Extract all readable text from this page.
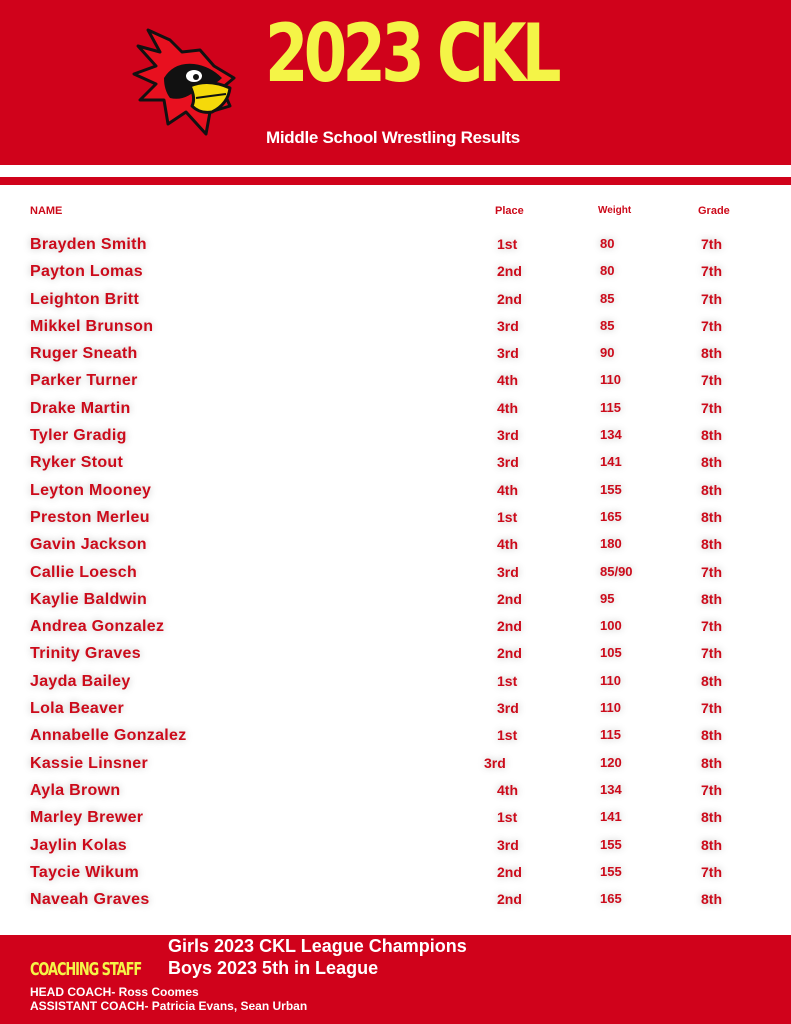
2023 CKL
Middle School Wrestling Results
NAME	Place	Weight	Grade
Brayden Smith	1st	80	7th
Payton Lomas	2nd	80	7th
Leighton Britt	2nd	85	7th
Mikkel Brunson	3rd	85	7th
Ruger Sneath	3rd	90	8th
Parker Turner	4th	110	7th
Drake Martin	4th	115	7th
Tyler Gradig	3rd	134	8th
Ryker Stout	3rd	141	8th
Leyton Mooney	4th	155	8th
Preston Merleu	1st	165	8th
Gavin Jackson	4th	180	8th
Callie Loesch	3rd	85/90	7th
Kaylie Baldwin	2nd	95	8th
Andrea Gonzalez	2nd	100	7th
Trinity Graves	2nd	105	7th
Jayda Bailey	1st	110	8th
Lola Beaver	3rd	110	7th
Annabelle Gonzalez	1st	115	8th
Kassie Linsner	3rd	120	8th
Ayla Brown	4th	134	7th
Marley Brewer	1st	141	8th
Jaylin Kolas	3rd	155	8th
Taycie Wikum	2nd	155	7th
Naveah Graves	2nd	165	8th
Girls 2023 CKL League Champions
Boys 2023 5th in League
COACHING STAFF
HEAD COACH- Ross Coomes
ASSISTANT COACH- Patricia Evans, Sean Urban
